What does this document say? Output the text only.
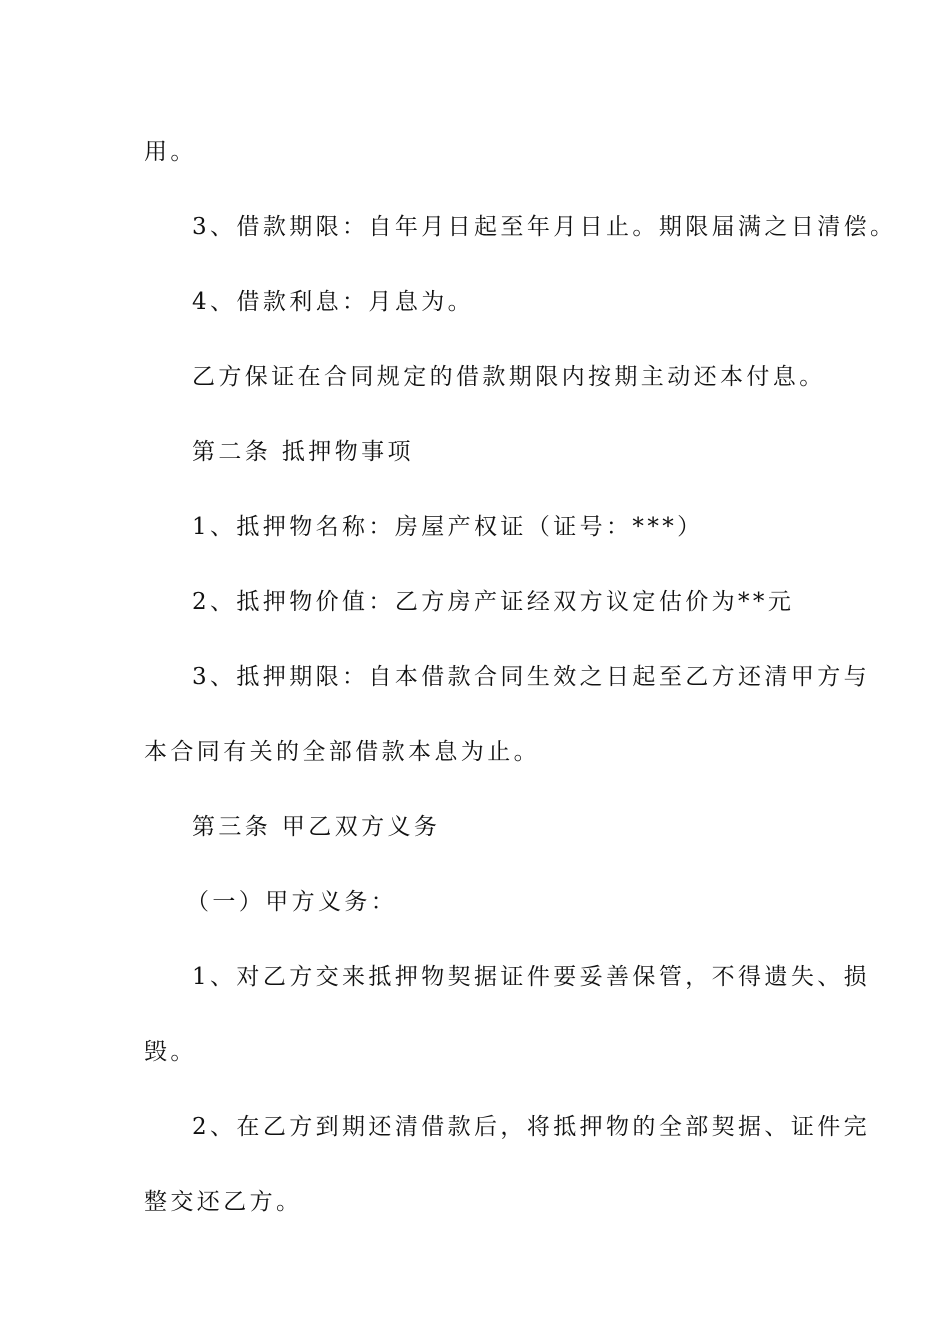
用。
3、借款期限：自年月日起至年月日止。期限届满之日清偿。
4、借款利息：月息为。
乙方保证在合同规定的借款期限内按期主动还本付息。
第二条 抵押物事项
1、抵押物名称：房屋产权证（证号：***）
2、抵押物价值：乙方房产证经双方议定估价为**元
3、抵押期限：自本借款合同生效之日起至乙方还清甲方与
本合同有关的全部借款本息为止。
第三条 甲乙双方义务
（一）甲方义务：
1、对乙方交来抵押物契据证件要妥善保管，不得遗失、损
毁。
2、在乙方到期还清借款后，将抵押物的全部契据、证件完
整交还乙方。
